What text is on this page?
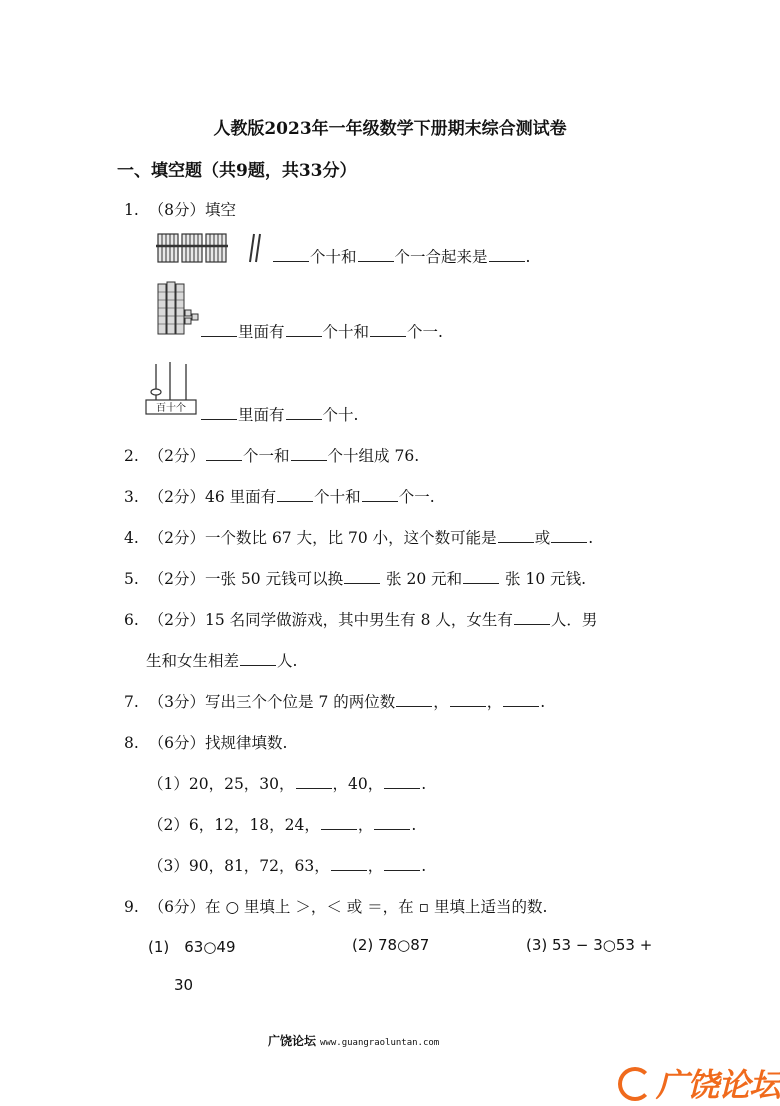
人教版2023年一年级数学下册期末综合测试卷
一、填空题（共9题，共33分）
1. （8分）填空
个十和 个一合起来是 .
里面有 个十和 个一.
百十个	里面有 个十.
2. （2分） 个一和 个十组成 76.
3. （2分）46 里面有 个十和 个一.
4. （2分）一个数比 67 大，比 70 小，这个数可能是 或 .
5. （2分）一张 50 元钱可以换 张 20 元和 张 10 元钱.
6. （2分）15 名同学做游戏，其中男生有 8 人，女生有 人．男
生和女生相差 人.
7. （3分）写出三个个位是 7 的两位数 ， ， .
8. （6分）找规律填数.
（1）20，25，30， ，40， .
（2）6，12，18，24， ， .
（3）90，81，72，63， ， .
9. （6分）在 ○ 里填上 ＞，＜ 或 ＝，在 ▫ 里填上适当的数.
(1)　63○49	(2) 78○87	(3) 53 − 3○53 +
30
广饶论坛 www.guangraoluntan.com
广饶论坛
